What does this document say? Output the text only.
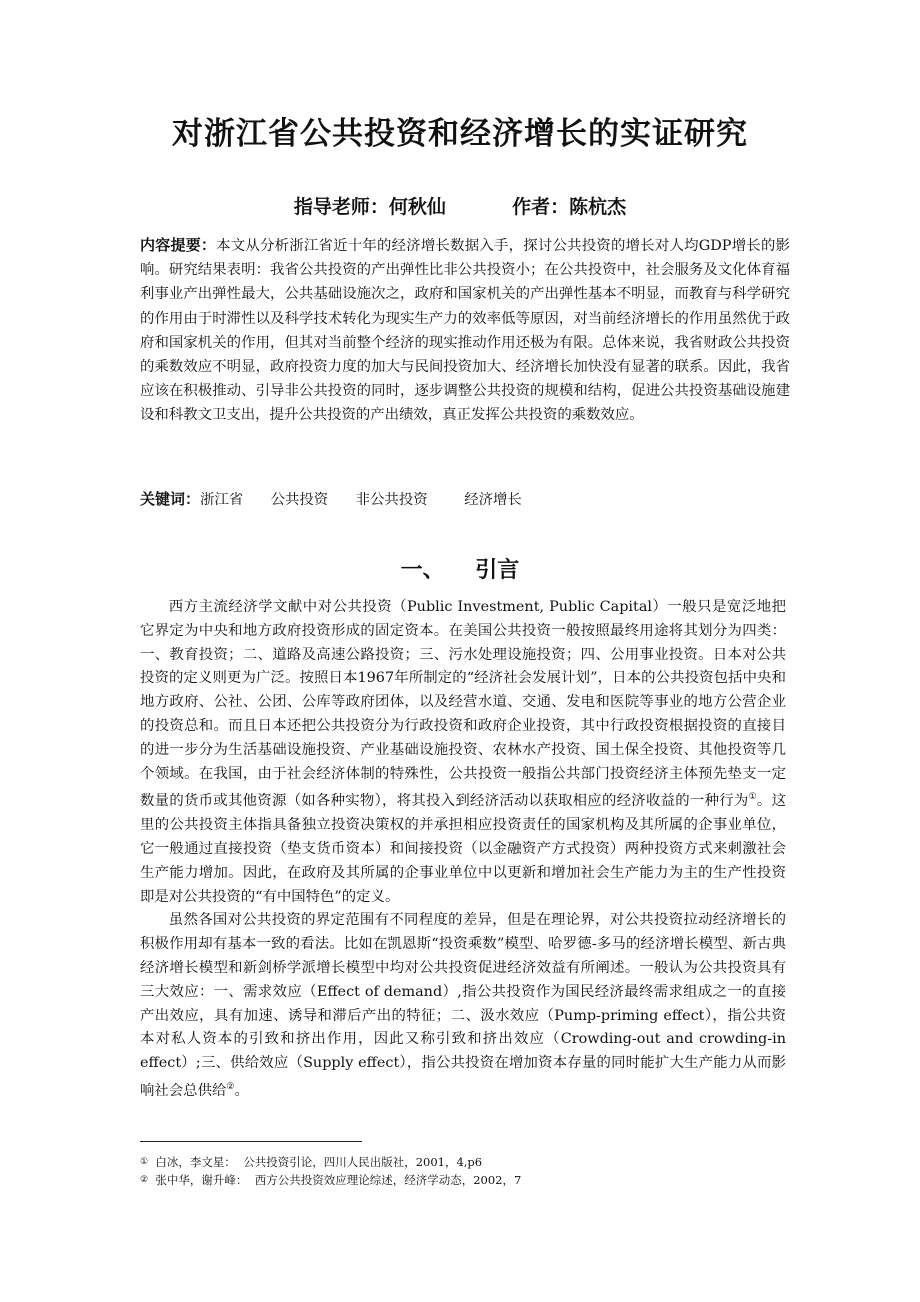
对浙江省公共投资和经济增长的实证研究
指导老师：何秋仙          作者：陈杭杰

内容提要：本文从分析浙江省近十年的经济增长数据入手，探讨公共投资的增长对人均GDP增长的影响。研究结果表明：我省公共投资的产出弹性比非公共投资小；在公共投资中，社会服务及文化体育福利事业产出弹性最大，公共基础设施次之，政府和国家机关的产出弹性基本不明显，而教育与科学研究的作用由于时滞性以及科学技术转化为现实生产力的效率低等原因，对当前经济增长的作用虽然优于政府和国家机关的作用，但其对当前整个经济的现实推动作用还极为有限。总体来说，我省财政公共投资的乘数效应不明显，政府投资力度的加大与民间投资加大、经济增长加快没有显著的联系。因此，我省应该在积极推动、引导非公共投资的同时，逐步调整公共投资的规模和结构，促进公共投资基础设施建设和科教文卫支出，提升公共投资的产出绩效，真正发挥公共投资的乘数效应。

关键词：浙江省      公共投资      非公共投资        经济增长

一、    引言

西方主流经济学文献中对公共投资（Public Investment, Public Capital）一般只是宽泛地把它界定为中央和地方政府投资形成的固定资本。在美国公共投资一般按照最终用途将其划分为四类：一、教育投资；二、道路及高速公路投资；三、污水处理设施投资；四、公用事业投资。日本对公共投资的定义则更为广泛。按照日本1967年所制定的“经济社会发展计划”，日本的公共投资包括中央和地方政府、公社、公团、公库等政府团体，以及经营水道、交通、发电和医院等事业的地方公营企业的投资总和。而且日本还把公共投资分为行政投资和政府企业投资，其中行政投资根据投资的直接目的进一步分为生活基础设施投资、产业基础设施投资、农林水产投资、国土保全投资、其他投资等几个领域。在我国，由于社会经济体制的特殊性，公共投资一般指公共部门投资经济主体预先垫支一定数量的货币或其他资源（如各种实物），将其投入到经济活动以获取相应的经济收益的一种行为①。这里的公共投资主体指具备独立投资决策权的并承担相应投资责任的国家机构及其所属的企事业单位，它一般通过直接投资（垫支货币资本）和间接投资（以金融资产方式投资）两种投资方式来刺激社会生产能力增加。因此，在政府及其所属的企事业单位中以更新和增加社会生产能力为主的生产性投资即是对公共投资的“有中国特色”的定义。

虽然各国对公共投资的界定范围有不同程度的差异，但是在理论界，对公共投资拉动经济增长的积极作用却有基本一致的看法。比如在凯恩斯“投资乘数”模型、哈罗德-多马的经济增长模型、新古典经济增长模型和新剑桥学派增长模型中均对公共投资促进经济效益有所阐述。一般认为公共投资具有三大效应：一、需求效应（Effect of demand）,指公共投资作为国民经济最终需求组成之一的直接产出效应，具有加速、诱导和滞后产出的特征；二、汲水效应（Pump-priming effect），指公共资本对私人资本的引致和挤出作用，因此又称引致和挤出效应（Crowding-out and crowding-in effect）;三、供给效应（Supply effect），指公共投资在增加资本存量的同时能扩大生产能力从而影响社会总供给②。

①  白冰，李文星：  公共投资引论，四川人民出版社，2001，4,p6

②  张中华，谢升峰：  西方公共投资效应理论综述，经济学动态，2002，7
